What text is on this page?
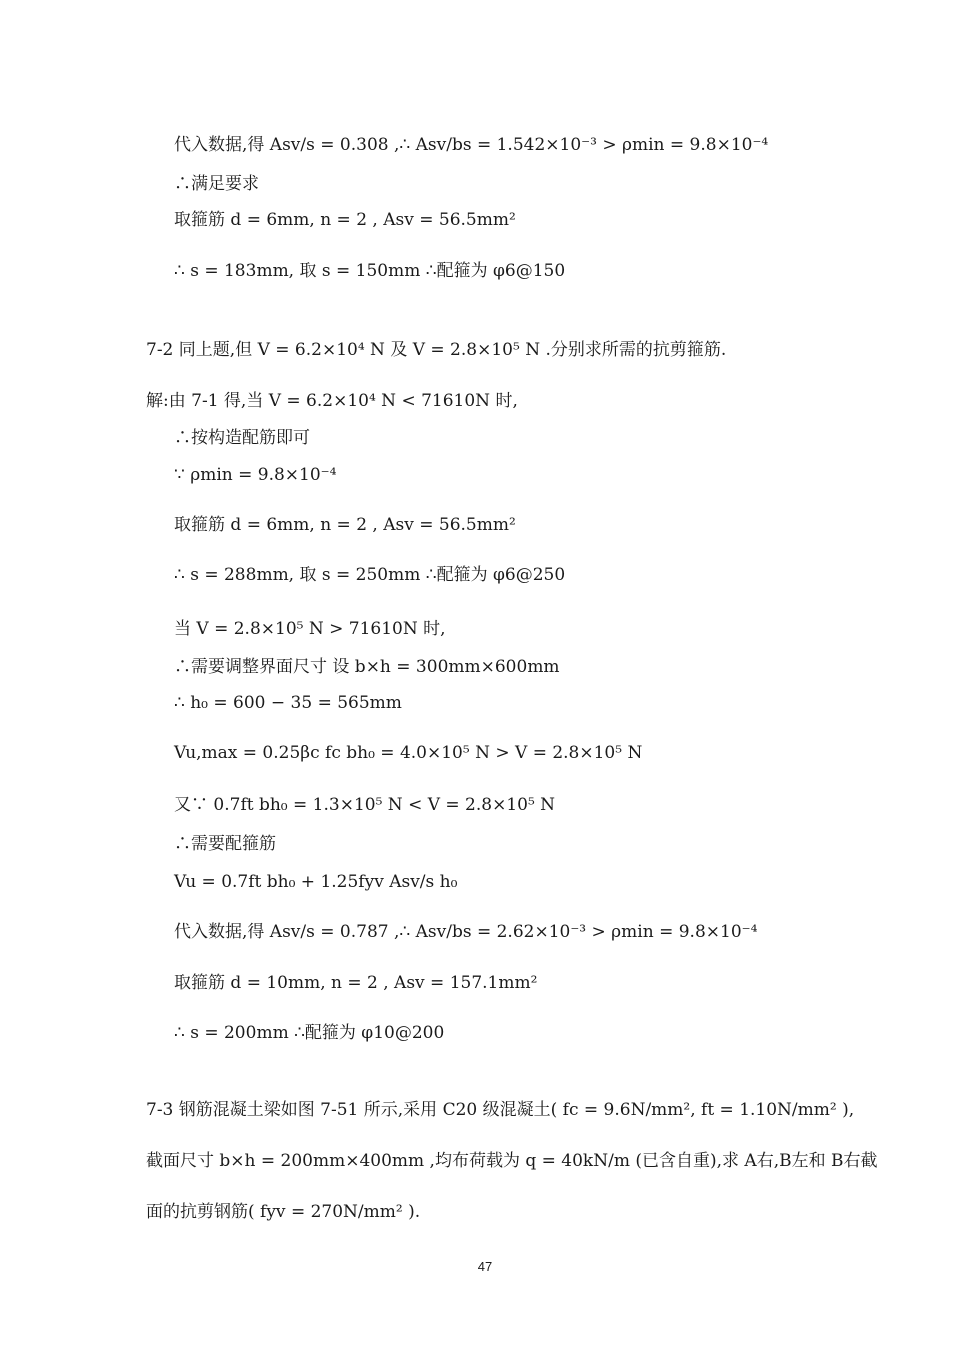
代入数据,得 Asv/s = 0.308 ,∴ Asv/bs = 1.542×10⁻³ > ρmin = 9.8×10⁻⁴
∴满足要求
取箍筋 d = 6mm, n = 2 , Asv = 56.5mm²
∴ s = 183mm, 取 s = 150mm ∴配箍为 φ6@150
7-2 同上题,但 V = 6.2×10⁴ N 及 V = 2.8×10⁵ N .分别求所需的抗剪箍筋.
解:由 7-1 得,当 V = 6.2×10⁴ N < 71610N 时,
∴按构造配筋即可
∵ ρmin = 9.8×10⁻⁴
取箍筋 d = 6mm, n = 2 , Asv = 56.5mm²
∴ s = 288mm, 取 s = 250mm ∴配箍为 φ6@250
当 V = 2.8×10⁵ N > 71610N 时,
∴需要调整界面尺寸 设 b×h = 300mm×600mm
∴ h₀ = 600 − 35 = 565mm
Vu,max = 0.25βc fc bh₀ = 4.0×10⁵ N > V = 2.8×10⁵ N
又∵ 0.7ft bh₀ = 1.3×10⁵ N < V = 2.8×10⁵ N
∴需要配箍筋
Vu = 0.7ft bh₀ + 1.25fyv Asv/s h₀
代入数据,得 Asv/s = 0.787 ,∴ Asv/bs = 2.62×10⁻³ > ρmin = 9.8×10⁻⁴
取箍筋 d = 10mm, n = 2 , Asv = 157.1mm²
∴ s = 200mm ∴配箍为 φ10@200
7-3 钢筋混凝土梁如图 7-51 所示,采用 C20 级混凝土( fc = 9.6N/mm², ft = 1.10N/mm² ),
截面尺寸 b×h = 200mm×400mm ,均布荷载为 q = 40kN/m (已含自重),求 A右,B左和 B右截
面的抗剪钢筋( fyv = 270N/mm² ).
47
